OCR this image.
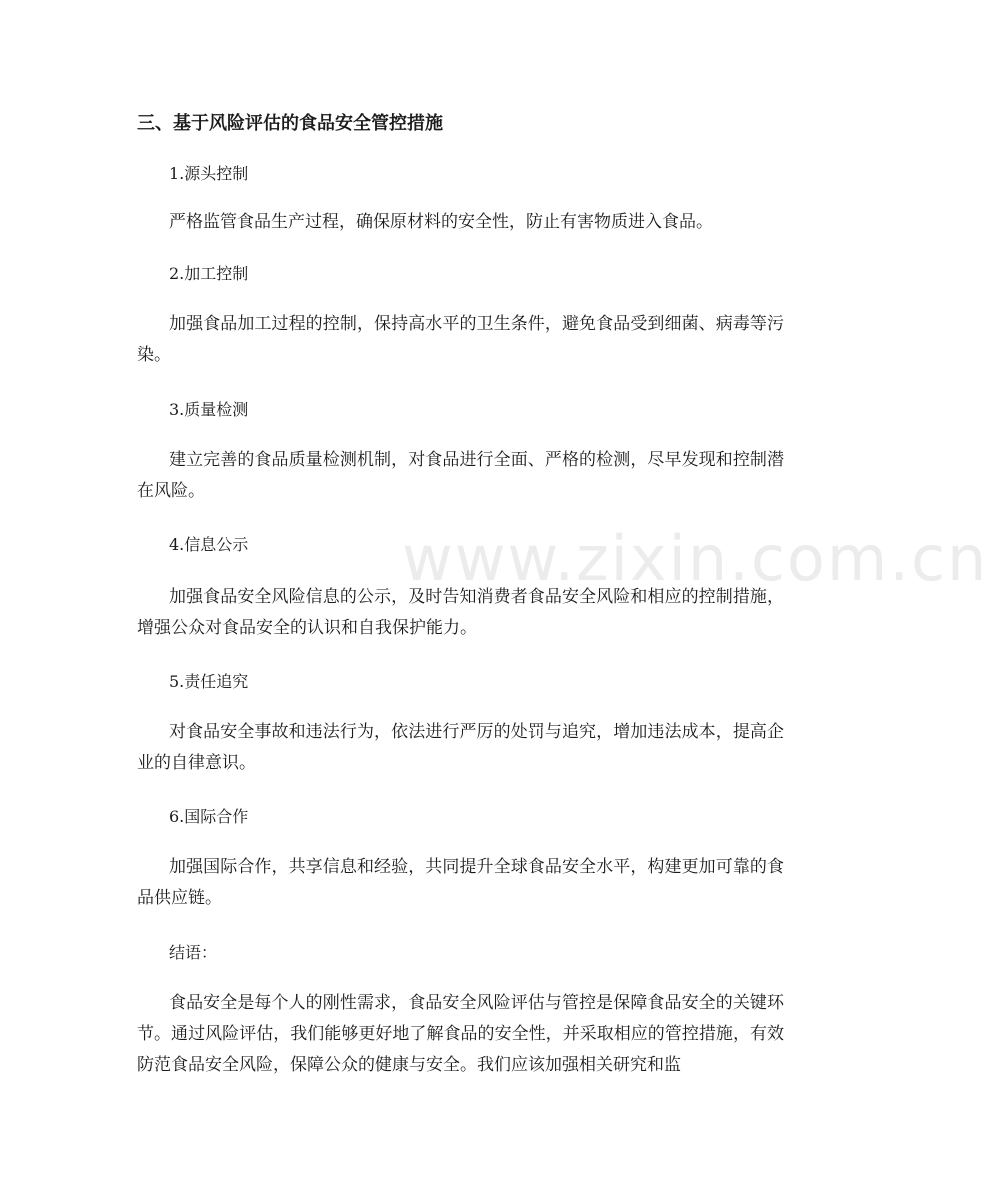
www.zixin.com.cn
三、基于风险评估的食品安全管控措施

1.源头控制

严格监管食品生产过程，确保原材料的安全性，防止有害物质进入食品。

2.加工控制

加强食品加工过程的控制，保持高水平的卫生条件，避免食品受到细菌、病毒等污染。

3.质量检测

建立完善的食品质量检测机制，对食品进行全面、严格的检测，尽早发现和控制潜在风险。

4.信息公示

加强食品安全风险信息的公示，及时告知消费者食品安全风险和相应的控制措施，增强公众对食品安全的认识和自我保护能力。

5.责任追究

对食品安全事故和违法行为，依法进行严厉的处罚与追究，增加违法成本，提高企业的自律意识。

6.国际合作

加强国际合作，共享信息和经验，共同提升全球食品安全水平，构建更加可靠的食品供应链。

结语：

食品安全是每个人的刚性需求，食品安全风险评估与管控是保障食品安全的关键环节。通过风险评估，我们能够更好地了解食品的安全性，并采取相应的管控措施，有效防范食品安全风险，保障公众的健康与安全。我们应该加强相关研究和监
